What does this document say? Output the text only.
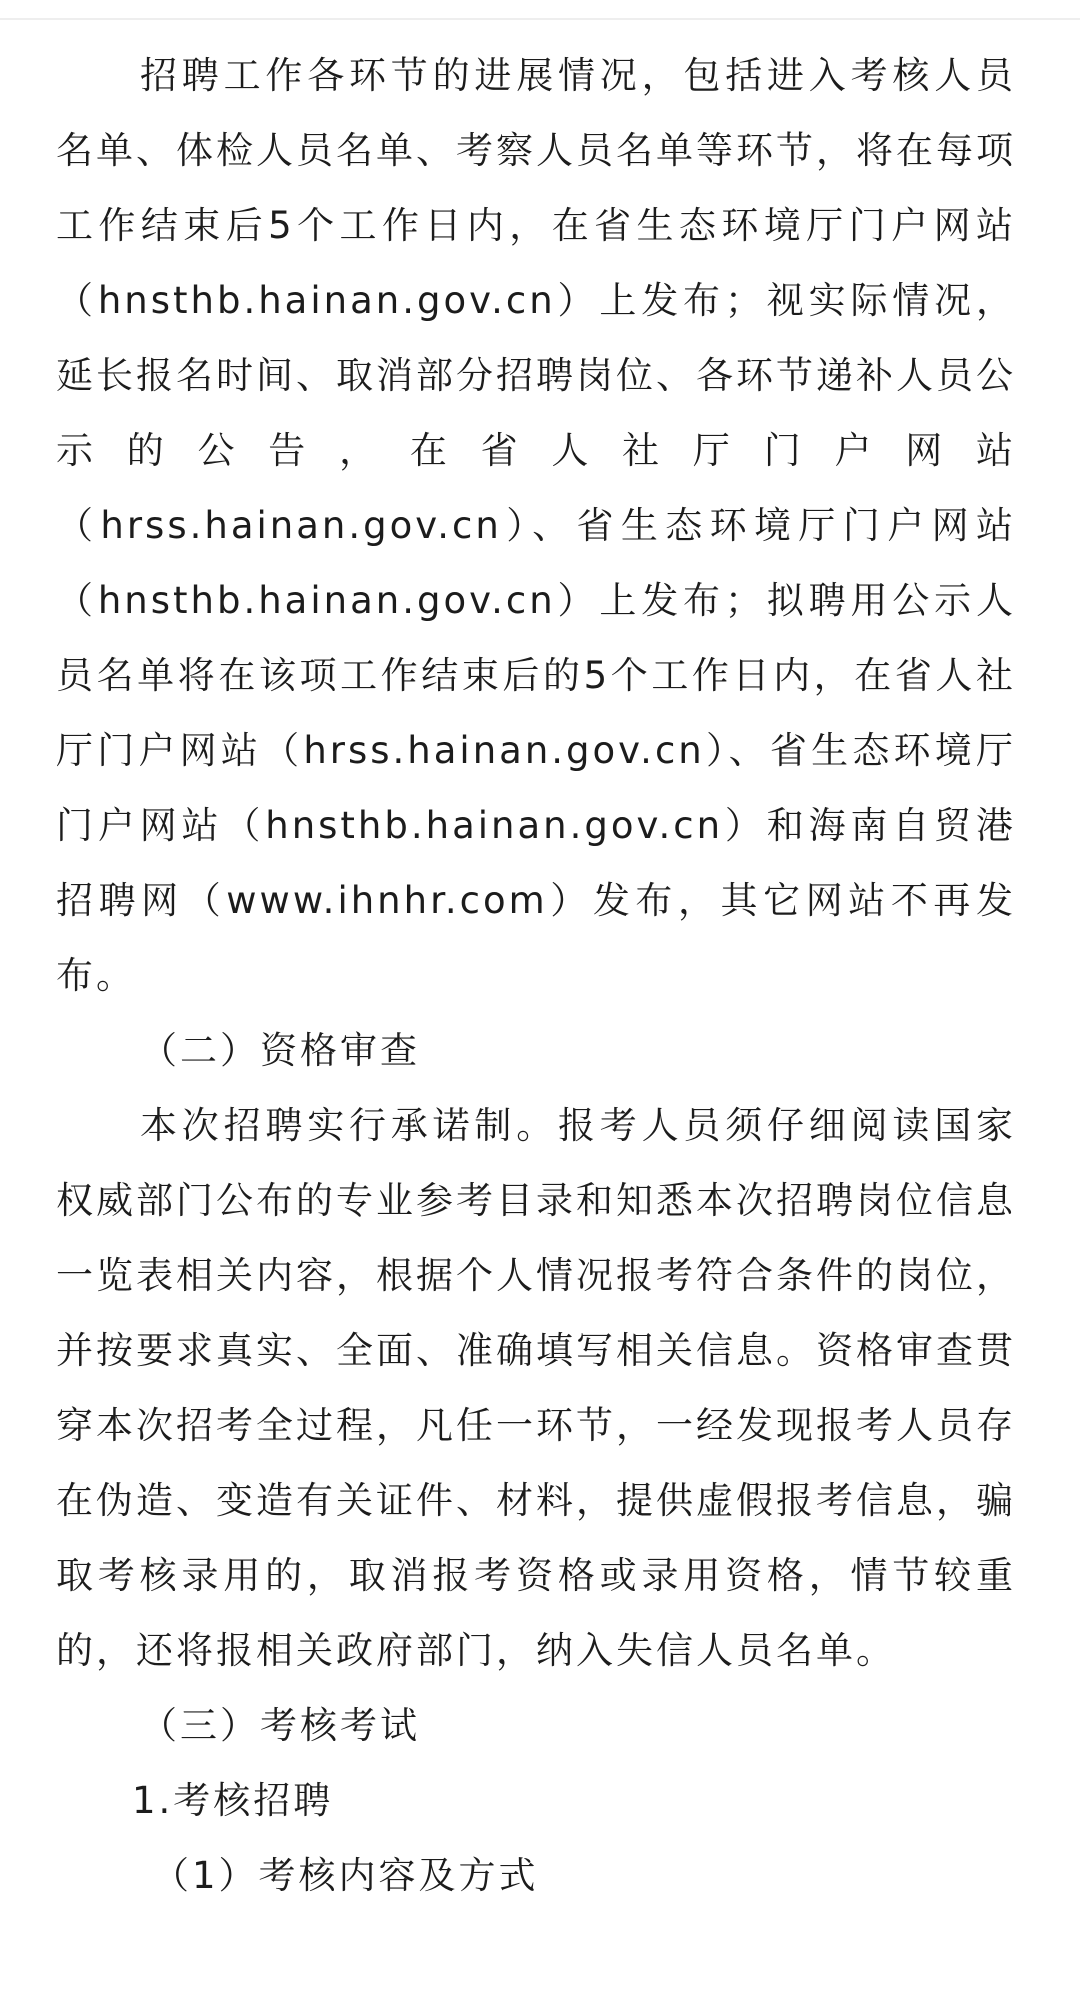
招聘工作各环节的进展情况，包括进入考核人员名单、体检人员名单、考察人员名单等环节，将在每项工作结束后5个工作日内，在省生态环境厅门户网站（hnsthb.hainan.gov.cn）上发布；视实际情况，延长报名时间、取消部分招聘岗位、各环节递补人员公示的公告，在省人社厅门户网站（hrss.hainan.gov.cn）、省生态环境厅门户网站（hnsthb.hainan.gov.cn）上发布；拟聘用公示人员名单将在该项工作结束后的5个工作日内，在省人社厅门户网站（hrss.hainan.gov.cn）、省生态环境厅门户网站（hnsthb.hainan.gov.cn）和海南自贸港招聘网（www.ihnhr.com）发布，其它网站不再发布。

（二）资格审查

本次招聘实行承诺制。报考人员须仔细阅读国家权威部门公布的专业参考目录和知悉本次招聘岗位信息一览表相关内容，根据个人情况报考符合条件的岗位，并按要求真实、全面、准确填写相关信息。资格审查贯穿本次招考全过程，凡任一环节，一经发现报考人员存在伪造、变造有关证件、材料，提供虚假报考信息，骗取考核录用的，取消报考资格或录用资格，情节较重的，还将报相关政府部门，纳入失信人员名单。

（三）考核考试

1.考核招聘

（1）考核内容及方式
